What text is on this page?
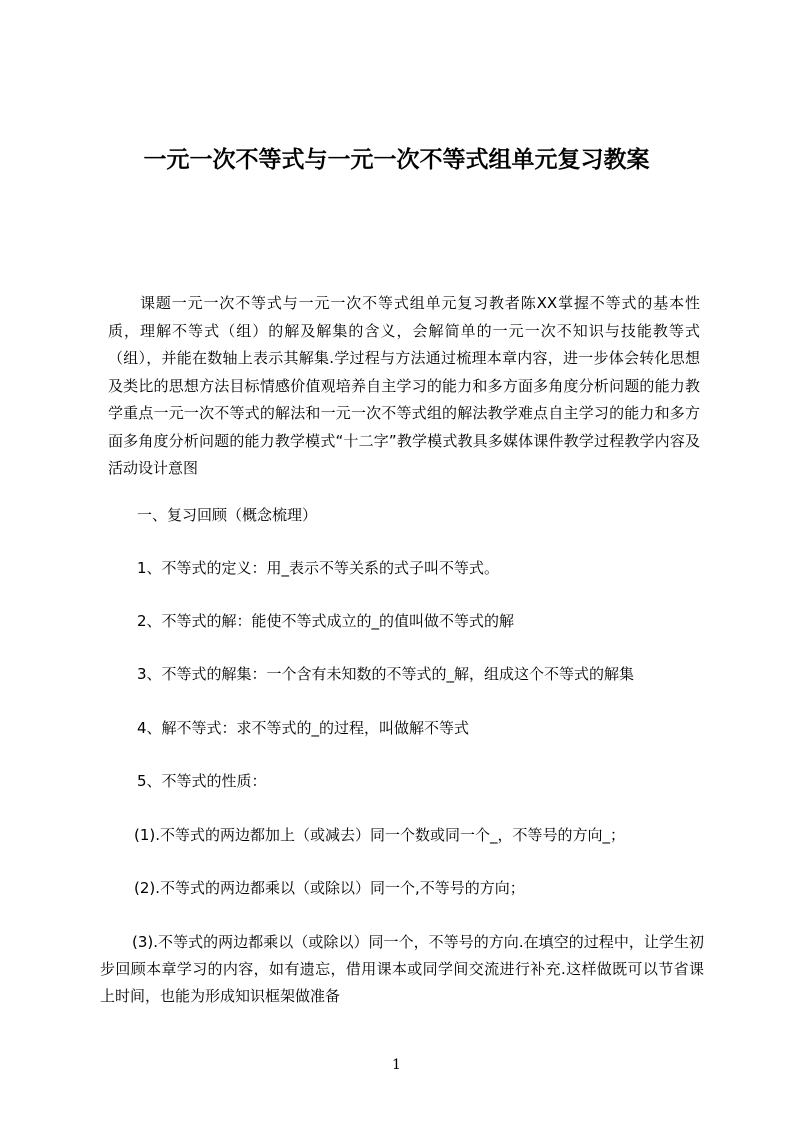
一元一次不等式与一元一次不等式组单元复习教案

课题一元一次不等式与一元一次不等式组单元复习教者陈XX掌握不等式的基本性质，理解不等式（组）的解及解集的含义，会解简单的一元一次不知识与技能教等式（组），并能在数轴上表示其解集.学过程与方法通过梳理本章内容，进一步体会转化思想及类比的思想方法目标情感价值观培养自主学习的能力和多方面多角度分析问题的能力教学重点一元一次不等式的解法和一元一次不等式组的解法教学难点自主学习的能力和多方面多角度分析问题的能力教学模式“十二字”教学模式教具多媒体课件教学过程教学内容及活动设计意图

一、复习回顾（概念梳理）

1、不等式的定义：用_表示不等关系的式子叫不等式。

2、不等式的解：能使不等式成立的_的值叫做不等式的解

3、不等式的解集：一个含有未知数的不等式的_解，组成这个不等式的解集

4、解不等式：求不等式的_的过程，叫做解不等式

5、不等式的性质：

(1).不等式的两边都加上（或减去）同一个数或同一个_，不等号的方向_；

(2).不等式的两边都乘以（或除以）同一个,不等号的方向；

(3).不等式的两边都乘以（或除以）同一个，不等号的方向.在填空的过程中，让学生初步回顾本章学习的内容，如有遗忘，借用课本或同学间交流进行补充.这样做既可以节省课上时间，也能为形成知识框架做准备

1
